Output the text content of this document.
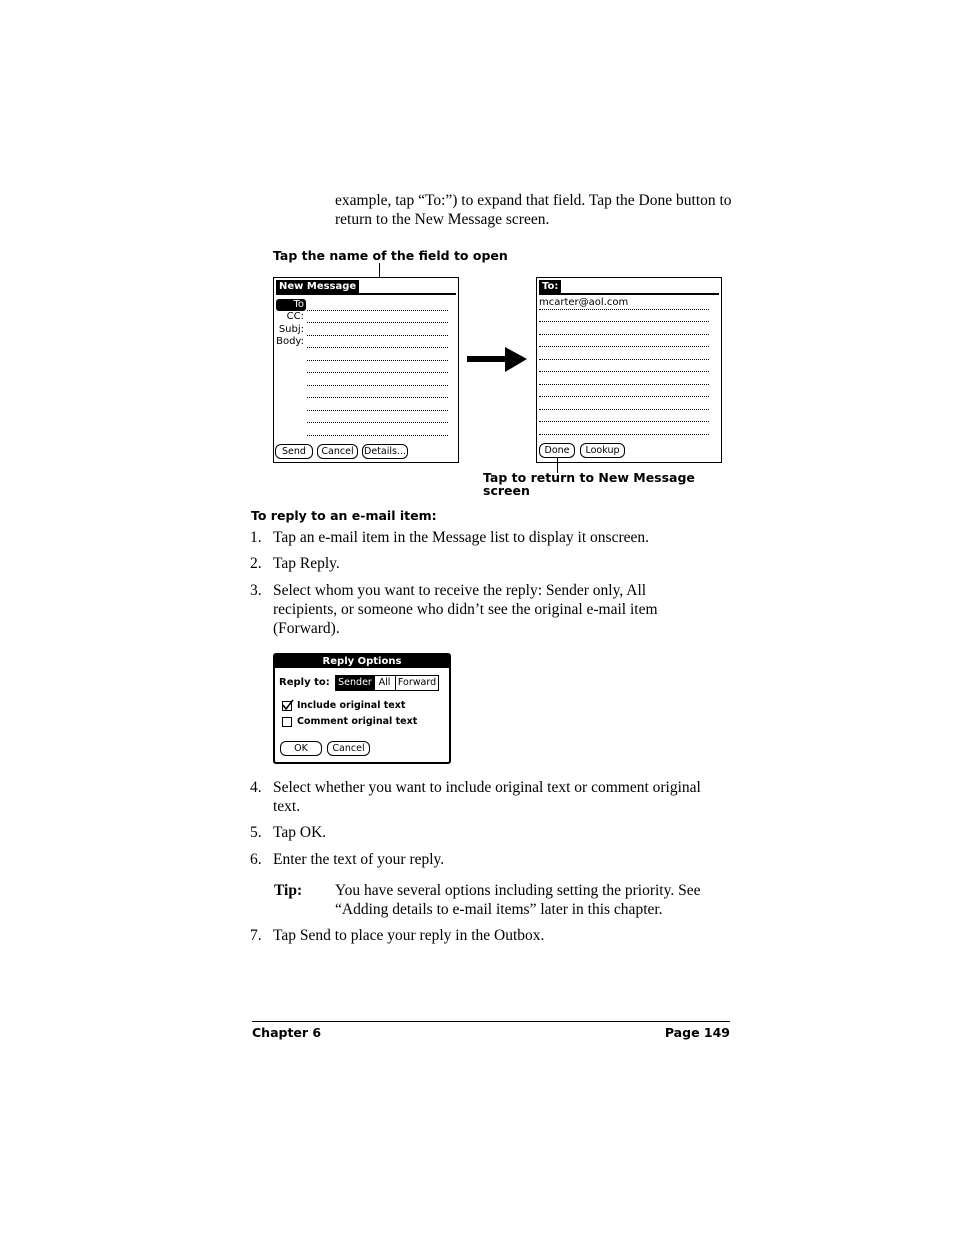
example, tap “To:”) to expand that field. Tap the Done button to return to the New Message screen.
Tap the name of the field to open
New Message
To
CC:
Subj:
Body:
Send	Cancel	Details...
To:
mcarter@aol.com
Done	Lookup
Tap to return to New Message screen
To reply to an e-mail item:
1. Tap an e-mail item in the Message list to display it onscreen.
2. Tap Reply.
3. Select whom you want to receive the reply: Sender only, All recipients, or someone who didn’t see the original e-mail item (Forward).
Reply Options
Reply to: Sender All Forward
Include original text
Comment original text
OK	Cancel
4. Select whether you want to include original text or comment original text.
5. Tap OK.
6. Enter the text of your reply.
Tip: You have several options including setting the priority. See “Adding details to e-mail items” later in this chapter.
7. Tap Send to place your reply in the Outbox.
Chapter 6	Page 149
